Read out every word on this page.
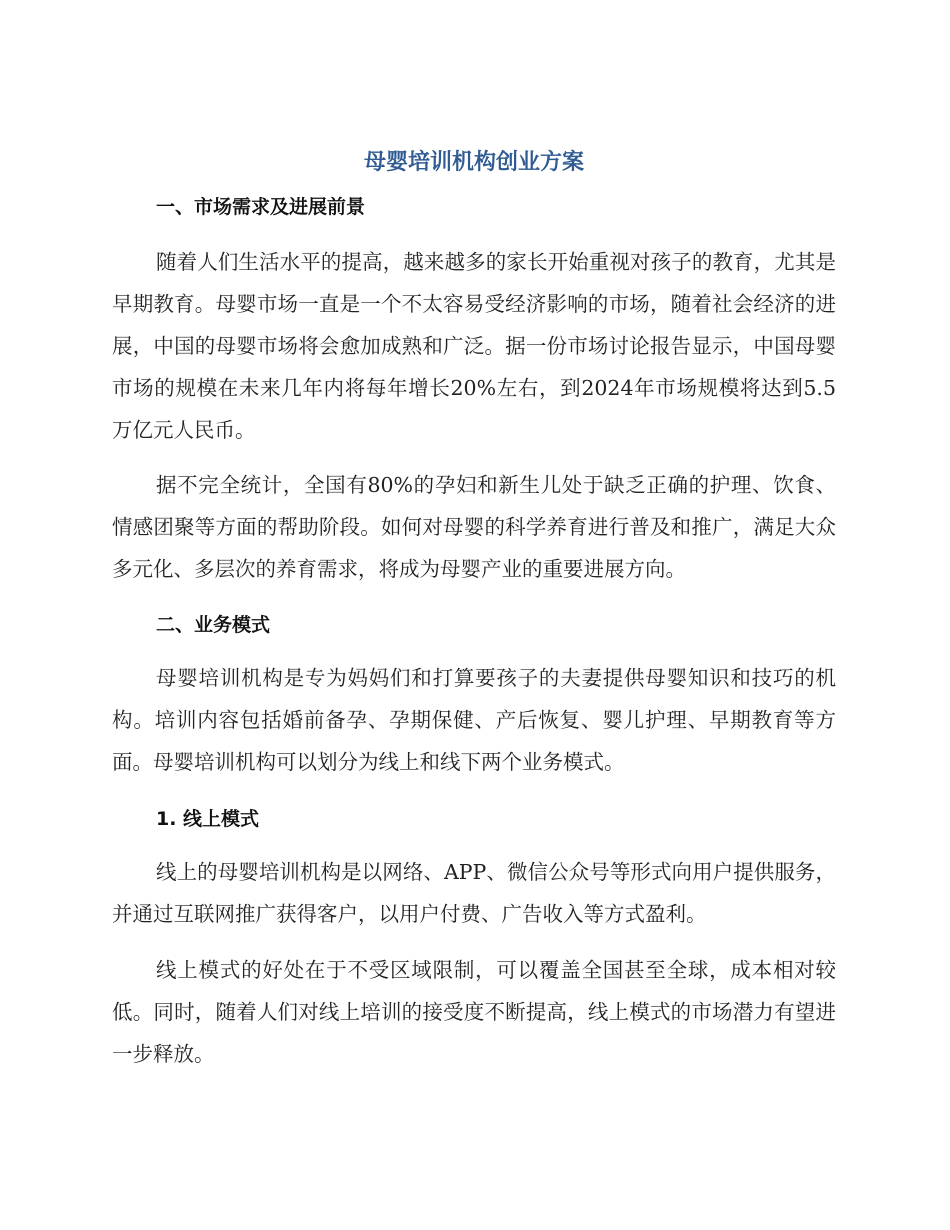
母婴培训机构创业方案
一、市场需求及进展前景

随着人们生活水平的提高，越来越多的家长开始重视对孩子的教育，尤其是早期教育。母婴市场一直是一个不太容易受经济影响的市场，随着社会经济的进展，中国的母婴市场将会愈加成熟和广泛。据一份市场讨论报告显示，中国母婴市场的规模在未来几年内将每年增长20%左右，到2024年市场规模将达到5.5万亿元人民币。

据不完全统计，全国有80%的孕妇和新生儿处于缺乏正确的护理、饮食、情感团聚等方面的帮助阶段。如何对母婴的科学养育进行普及和推广，满足大众多元化、多层次的养育需求，将成为母婴产业的重要进展方向。

二、业务模式

母婴培训机构是专为妈妈们和打算要孩子的夫妻提供母婴知识和技巧的机构。培训内容包括婚前备孕、孕期保健、产后恢复、婴儿护理、早期教育等方面。母婴培训机构可以划分为线上和线下两个业务模式。

1. 线上模式

线上的母婴培训机构是以网络、APP、微信公众号等形式向用户提供服务，并通过互联网推广获得客户，以用户付费、广告收入等方式盈利。

线上模式的好处在于不受区域限制，可以覆盖全国甚至全球，成本相对较低。同时，随着人们对线上培训的接受度不断提高，线上模式的市场潜力有望进一步释放。
